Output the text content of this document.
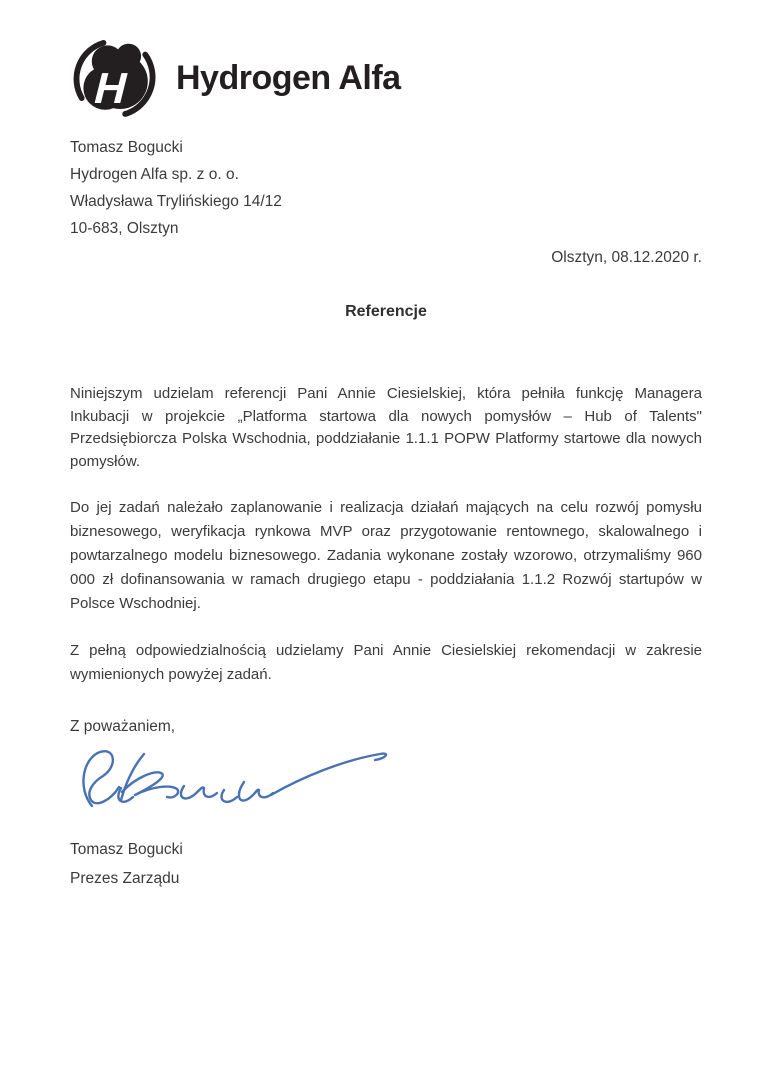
H Hydrogen Alfa
Tomasz Bogucki
Hydrogen Alfa sp. z o. o.
Władysława Trylińskiego 14/12
10-683, Olsztyn
Olsztyn, 08.12.2020 r.
Referencje

Niniejszym udzielam referencji Pani Annie Ciesielskiej, która pełniła funkcję Managera Inkubacji w projekcie „Platforma startowa dla nowych pomysłów – Hub of Talents" Przedsiębiorcza Polska Wschodnia, poddziałanie 1.1.1 POPW Platformy startowe dla nowych pomysłów.

Do jej zadań należało zaplanowanie i realizacja działań mających na celu rozwój pomysłu biznesowego, weryfikacja rynkowa MVP oraz przygotowanie rentownego, skalowalnego i powtarzalnego modelu biznesowego. Zadania wykonane zostały wzorowo, otrzymaliśmy 960 000 zł dofinansowania w ramach drugiego etapu - poddziałania 1.1.2 Rozwój startupów w Polsce Wschodniej.

Z pełną odpowiedzialnością udzielamy Pani Annie Ciesielskiej rekomendacji w zakresie wymienionych powyżej zadań.

Z poważaniem,
Tomasz Bogucki
Prezes Zarządu
